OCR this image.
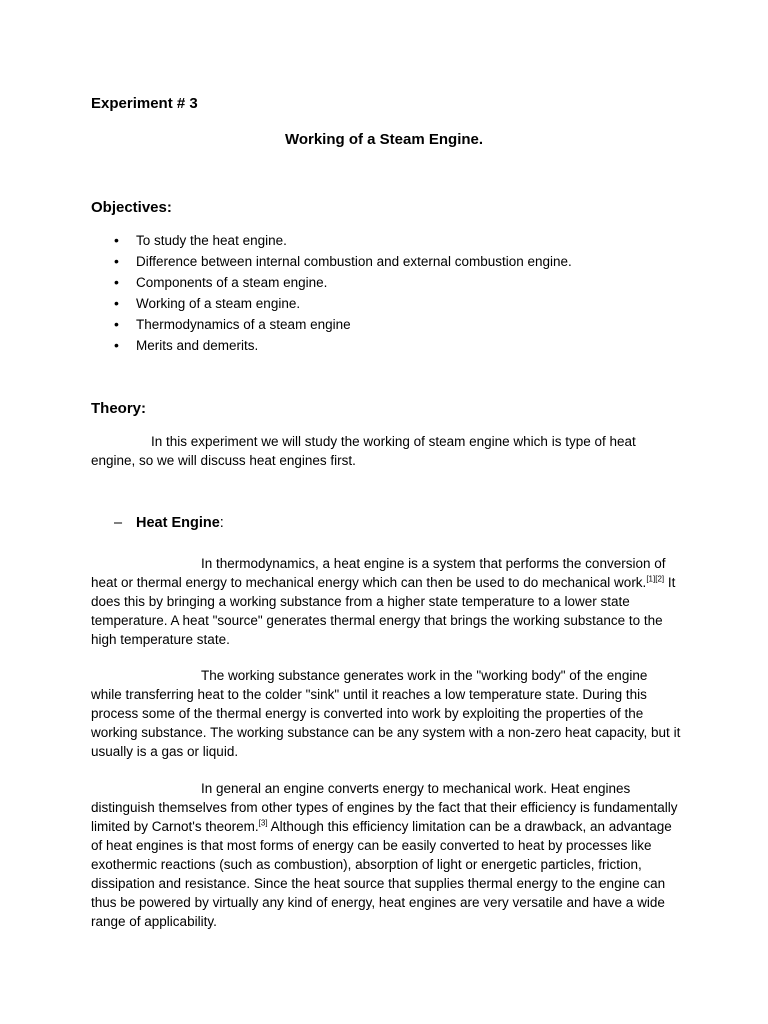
Experiment # 3

Working of a Steam Engine.

Objectives:

• To study the heat engine.
• Difference between internal combustion and external combustion engine.
• Components of a steam engine.
• Working of a steam engine.
• Thermodynamics of a steam engine
• Merits and demerits.

Theory:

In this experiment we will study the working of steam engine which is type of heat engine, so we will discuss heat engines first.

– Heat Engine:

In thermodynamics, a heat engine is a system that performs the conversion of heat or thermal energy to mechanical energy which can then be used to do mechanical work.[1][2] It does this by bringing a working substance from a higher state temperature to a lower state temperature. A heat "source" generates thermal energy that brings the working substance to the high temperature state.

The working substance generates work in the "working body" of the engine while transferring heat to the colder "sink" until it reaches a low temperature state. During this process some of the thermal energy is converted into work by exploiting the properties of the working substance. The working substance can be any system with a non-zero heat capacity, but it usually is a gas or liquid.

In general an engine converts energy to mechanical work. Heat engines distinguish themselves from other types of engines by the fact that their efficiency is fundamentally limited by Carnot's theorem.[3] Although this efficiency limitation can be a drawback, an advantage of heat engines is that most forms of energy can be easily converted to heat by processes like exothermic reactions (such as combustion), absorption of light or energetic particles, friction, dissipation and resistance. Since the heat source that supplies thermal energy to the engine can thus be powered by virtually any kind of energy, heat engines are very versatile and have a wide range of applicability.
